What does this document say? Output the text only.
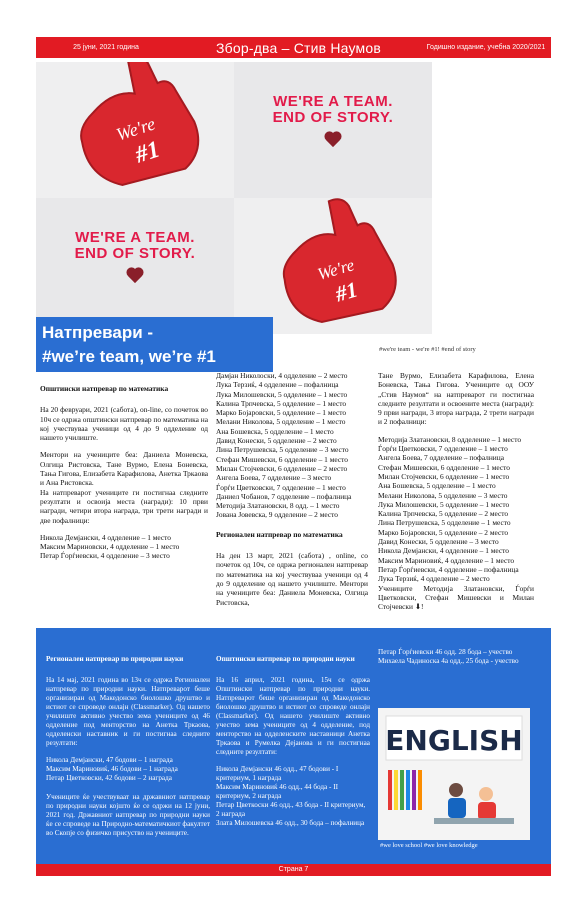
25 јуни, 2021 година	Збор-два – Стив Наумов	Годишно издание, учебна 2020/2021
We're
#1
WE'RE A TEAM.
END OF STORY.
WE'RE A TEAM.
END OF STORY.
We're
#1
Натпревари -
#we’re team, we’re #1	#we're team - we're #1! #end of story
Општински натпревар по математика

На 20 февруари, 2021 (сабота), on-line, со почеток во 10ч се одржа општински натпревар по математика на кој учествуваа ученици од 4 до 9 одделение од нашето училиште.

Ментори на учениците беа: Даниела Моневска, Олгица Ристовска, Тане Вурмо, Елена Боневска, Тања Гигова, Елизабета Карафилова, Анетка Тркаова и Ана Ристовска.

На натпреварот учениците ги постигнаа следните резултати и освоија места (награди): 10 први награди, четири втора награда, три трети награди и две пофалници:

Никола Демјански, 4 одделение – 1 место
Максим Мариновски, 4 одделение – 1 место
Петар Ѓорѓиевски, 4 одделение – 3 место
Дамјан Николоски, 4 одделение – 2 место
Лука Терзиќ, 4 одделение – пофалница
Лука Милошевски, 5 одделение – 1 место
Калина Трпчевска, 5 одделение – 1 место
Марко Бојаровски, 5 одделение – 1 место
Мелани Николова, 5 одделение – 1 место
Ана Бошевска, 5 одделение – 1 место
Давид Конески, 5 одделение – 2 место
Лина Петрушевска, 5 одделение – 3 место
Стефан Мишевски, 6 одделение – 1 место
Милан Стојчевски, 6 одделение – 2 место
Ангела Боева, 7 одделение – 3 место
Ѓорѓи Цветковски, 7 одделение – 1 место
Даниел Чобанов, 7 одделение – пофалница
Методија Златановски, 8 одд. – 1 место
Јована Јовевска, 9 одделение – 2 место
Регионален натпревар по математика

На ден 13 март, 2021 (сабота) , online, со почеток од 10ч, се одржа регионален натпревар по математика на кој учествуваа ученици од 4 до 9 одделение од нашето училиште. Ментори на учениците беа: Даниела Моневска, Олгица Ристовска,

Тане Вурмо, Елизабета Карафилова, Елена Боневска, Тања Гигова. Учениците од ООУ „Стив Наумов“ на натпреварот ги постигнаа следните резултати и освоените места (награди): 9 први награди, 3 втора награда, 2 трети награди и 2 пофалници:

Методија Златановски, 8 одделение – 1 место
Ѓорѓи Цветковски, 7 одделение – 1 место
Ангела Боева, 7 одделение – пофалница
Стефан Мишевски, 6 одделение – 1 место
Милан Стојчевски, 6 одделение – 1 место
Ана Бошевска, 5 одделение – 1 место
Мелани Николова, 5 одделение – 3 место
Лука Милошевски, 5 одделение – 1 место
Калина Трпчевска, 5 одделение – 2 место
Лина Петрушевска, 5 одделение – 1 место
Марко Бојаровски, 5 одделение – 2 место
Давид Конески, 5 одделение – 3 место
Никола Демјански, 4 одделение – 1 место
Максим Мариновиќ, 4 одделение – 1 место
Петар Ѓорѓиевски, 4 одделение – пофалница
Лука Терзиќ, 4 одделение – 2 место

Учениците Методија Златановски, Ѓорѓи Цветковски, Стефан Мишевски и Милан Стојчевски ⬇!

Регионален натпревар по природни науки

На 14 мај, 2021 година во 13ч се одржа Регионален натпревар по природни науки. Натпреварот беше организиран од Македонско биолошко друштво и истиот се спроведе онлајн (Classmarker). Од нашето училиште активно учество зема учениците од 46 одделение под менторство на Анетка Тркаова, одделенски наставник и ги постигнаа следните резултати:

Никола Демјански, 47 бодови – 1 награда
Максим Мариновиќ, 46 бодови – 1 награда
Петар Цветковски, 42 бодови – 2 награда

Учениците ќе учествуваат на државниот натпревар по природни науки којшто ќе се одржи на 12 јуни, 2021 год. Државниот натпревар по природни науки ќе се спроведе на Природно-математичкиот факултет во Скопје со физичко присуство на учениците.

Општински натпревар по природни науки

На 16 април, 2021 година, 15ч се одржа Општински натпревар по природни науки. Натпреварот беше организиран од Македонско биолошко друштво и истиот се спроведе онлајн (Classmarker). Од нашето училиште активно учество зема учениците од 4 одделение, под менторство на одделенските наставници Анетка Тркаова и Румелка Дејанова и ги постигнаа следните резултати:

Никола Демјански 46 одд., 47 бодови - I критериум, 1 награда
Максим Мариновиќ 46 одд., 44 бода - II критериум, 2 награда
Петар Цветкоски 46 одд., 43 бода - II критериум, 2 награда
Злата Милошевска 46 одд., 30 бода – пофалница
Петар Ѓорѓиевски 46 одд. 28 бода – учество
Михаела Чадиноска 4а одд., 25 бода - учество
ENGLISH
#we love school #we love knowledge
Страна 7
